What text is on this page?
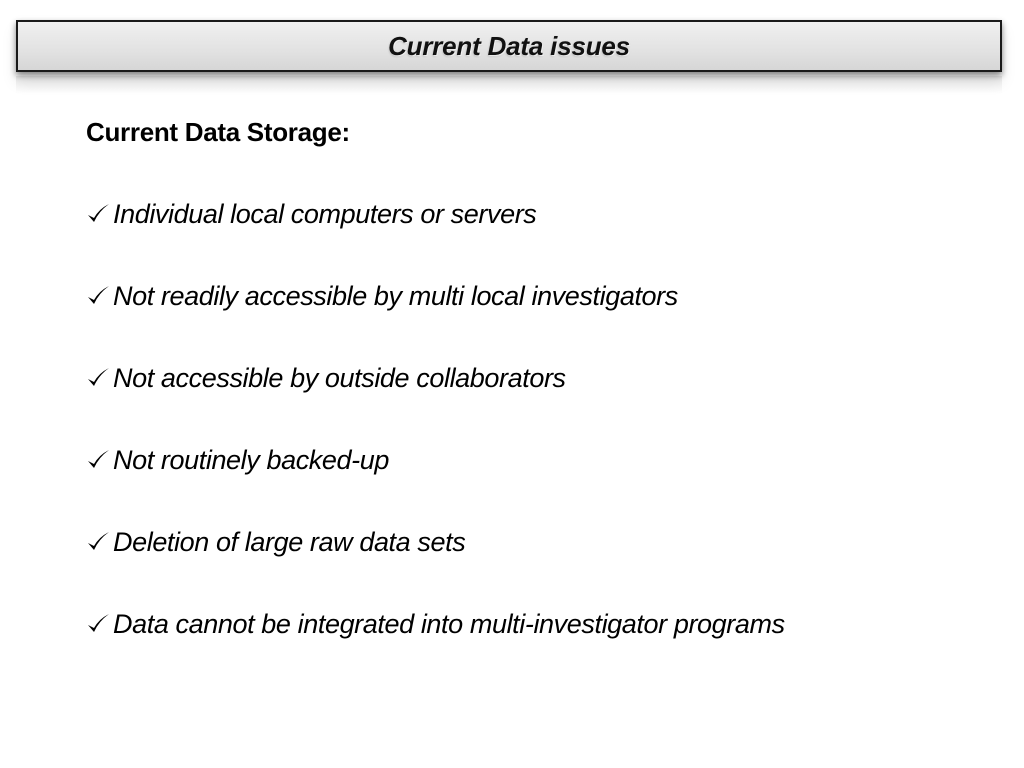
Current Data issues
Current Data Storage:
Individual local computers or servers
Not readily accessible by multi local investigators
Not accessible by outside collaborators
Not routinely backed-up
Deletion of large raw data sets
Data cannot be integrated into multi-investigator programs
